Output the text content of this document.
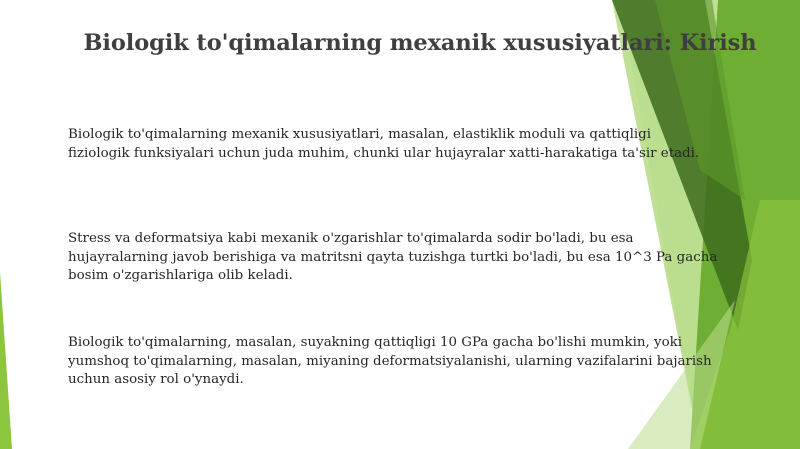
Biologik to'qimalarning mexanik xususiyatlari: Kirish

Biologik to'qimalarning mexanik xususiyatlari, masalan, elastiklik moduli va qattiqligi
fiziologik funksiyalari uchun juda muhim, chunki ular hujayralar xatti-harakatiga ta'sir etadi.

Stress va deformatsiya kabi mexanik o'zgarishlar to'qimalarda sodir bo'ladi, bu esa
hujayralarning javob berishiga va matritsni qayta tuzishga turtki bo'ladi, bu esa 10^3 Pa gacha
bosim o'zgarishlariga olib keladi.

Biologik to'qimalarning, masalan, suyakning qattiqligi 10 GPa gacha bo'lishi mumkin, yoki
yumshoq to'qimalarning, masalan, miyaning deformatsiyalanishi, ularning vazifalarini bajarish
uchun asosiy rol o'ynaydi.
